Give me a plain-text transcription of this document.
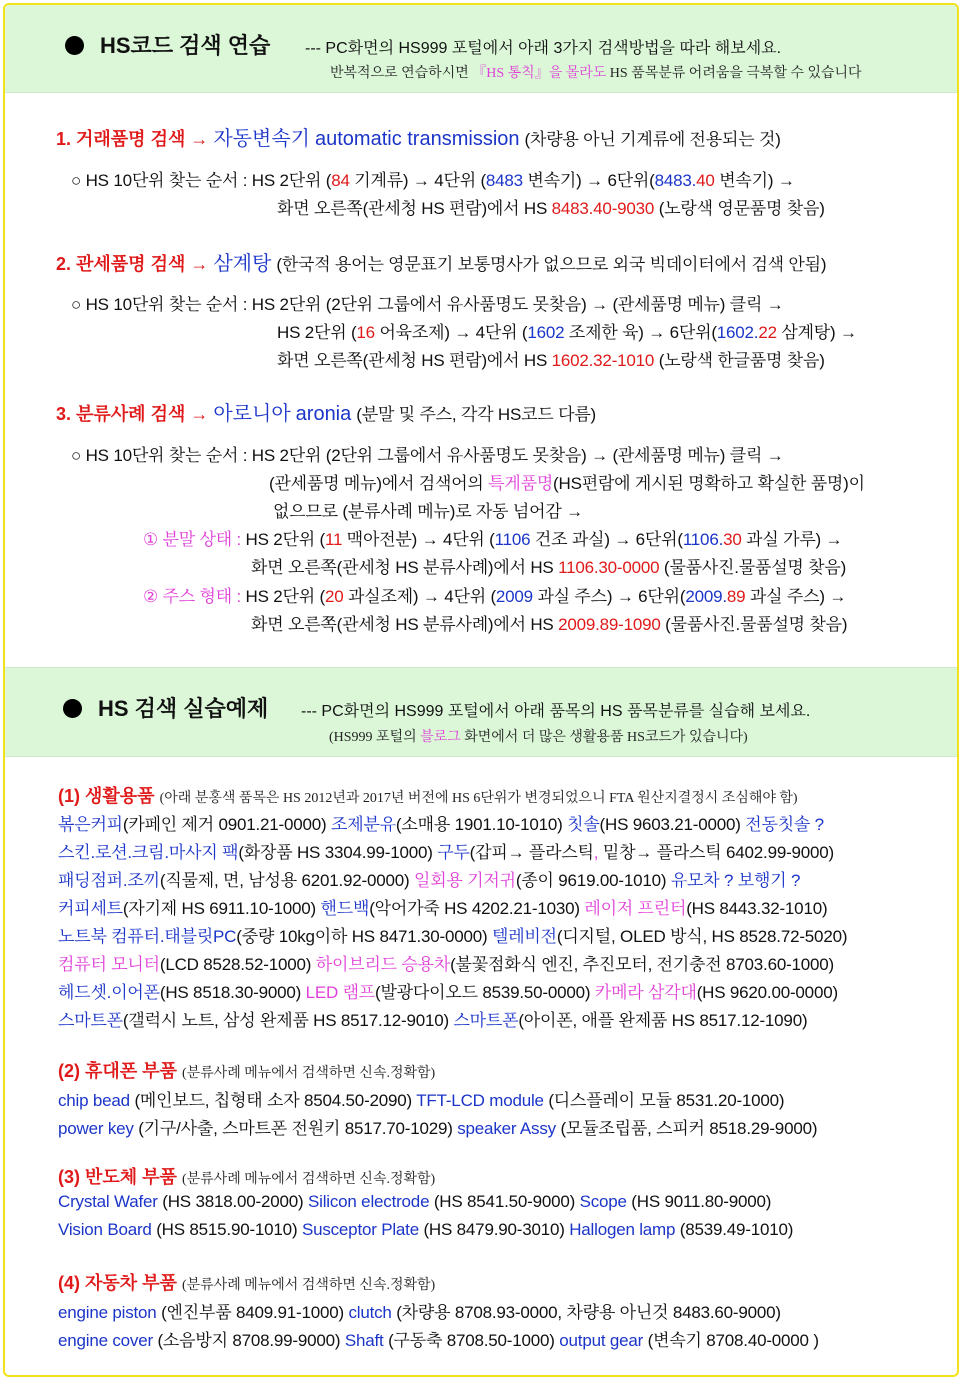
HS코드 검색 연습 --- PC화면의 HS999 포털에서 아래 3가지 검색방법을 따라 해보세요.
반복적으로 연습하시면 『HS 통칙』을 몰라도 HS 품목분류 어려움을 극복할 수 있습니다
1. 거래품명 검색 → 자동변속기 automatic transmission (차량용 아닌 기계류에 전용되는 것)
○ HS 10단위 찾는 순서 : HS 2단위 (84 기계류) → 4단위 (8483 변속기) → 6단위(8483.40 변속기) →
화면 오른쪽(관세청 HS 편람)에서 HS 8483.40-9030 (노랑색 영문품명 찾음)
2. 관세품명 검색 → 삼계탕 (한국적 용어는 영문표기 보통명사가 없으므로 외국 빅데이터에서 검색 안됨)
○ HS 10단위 찾는 순서 : HS 2단위 (2단위 그룹에서 유사품명도 못찾음) → (관세품명 메뉴) 클릭 →
HS 2단위 (16 어육조제) → 4단위 (1602 조제한 육) → 6단위(1602.22 삼계탕) →
화면 오른쪽(관세청 HS 편람)에서 HS 1602.32-1010 (노랑색 한글품명 찾음)
3. 분류사례 검색 → 아로니아 aronia (분말 및 주스, 각각 HS코드 다름)
○ HS 10단위 찾는 순서 : HS 2단위 (2단위 그룹에서 유사품명도 못찾음) → (관세품명 메뉴) 클릭 →
(관세품명 메뉴)에서 검색어의 특게품명(HS편람에 게시된 명확하고 확실한 품명)이
없으므로 (분류사례 메뉴)로 자동 넘어감 →
① 분말 상태 : HS 2단위 (11 맥아전분) → 4단위 (1106 건조 과실) → 6단위(1106.30 과실 가루) →
화면 오른쪽(관세청 HS 분류사례)에서 HS 1106.30-0000 (물품사진.물품설명 찾음)
② 주스 형태 : HS 2단위 (20 과실조제) → 4단위 (2009 과실 주스) → 6단위(2009.89 과실 주스) →
화면 오른쪽(관세청 HS 분류사례)에서 HS 2009.89-1090 (물품사진.물품설명 찾음)
HS 검색 실습예제 --- PC화면의 HS999 포털에서 아래 품목의 HS 품목분류를 실습해 보세요.
(HS999 포털의 블로그 화면에서 더 많은 생활용품 HS코드가 있습니다)
(1) 생활용품 (아래 분홍색 품목은 HS 2012년과 2017년 버전에 HS 6단위가 변경되었으니 FTA 원산지결정시 조심해야 함)
볶은커피(카페인 제거 0901.21-0000) 조제분유(소매용 1901.10-1010) 칫솔(HS 9603.21-0000) 전동칫솔 ?
스킨.로션.크림.마사지 팩(화장품 HS 3304.99-1000) 구두(갑피→ 플라스틱, 밑창→ 플라스틱 6402.99-9000)
패딩점퍼.조끼(직물제, 면, 남성용 6201.92-0000) 일회용 기저귀(종이 9619.00-1010) 유모차 ? 보행기 ?
커피세트(자기제 HS 6911.10-1000) 핸드백(악어가죽 HS 4202.21-1030) 레이저 프린터(HS 8443.32-1010)
노트북 컴퓨터.태블릿PC(중량 10kg이하 HS 8471.30-0000) 텔레비전(디지털, OLED 방식, HS 8528.72-5020)
컴퓨터 모니터(LCD 8528.52-1000) 하이브리드 승용차(불꽃점화식 엔진, 추진모터, 전기충전 8703.60-1000)
헤드셋.이어폰(HS 8518.30-9000) LED 램프(발광다이오드 8539.50-0000) 카메라 삼각대(HS 9620.00-0000)
스마트폰(갤럭시 노트, 삼성 완제품 HS 8517.12-9010) 스마트폰(아이폰, 애플 완제품 HS 8517.12-1090)
(2) 휴대폰 부품 (분류사례 메뉴에서 검색하면 신속.정확함)
chip bead (메인보드, 칩형태 소자 8504.50-2090) TFT-LCD module (디스플레이 모듈 8531.20-1000)
power key (기구/사출, 스마트폰 전원키 8517.70-1029) speaker Assy (모듈조립품, 스피커 8518.29-9000)
(3) 반도체 부품 (분류사례 메뉴에서 검색하면 신속.정확함)
Crystal Wafer (HS 3818.00-2000) Silicon electrode (HS 8541.50-9000) Scope (HS 9011.80-9000)
Vision Board (HS 8515.90-1010) Susceptor Plate (HS 8479.90-3010) Hallogen lamp (8539.49-1010)
(4) 자동차 부품 (분류사례 메뉴에서 검색하면 신속.정확함)
engine piston (엔진부품 8409.91-1000) clutch (차량용 8708.93-0000, 차량용 아닌것 8483.60-9000)
engine cover (소음방지 8708.99-9000) Shaft (구동축 8708.50-1000) output gear (변속기 8708.40-0000 )
